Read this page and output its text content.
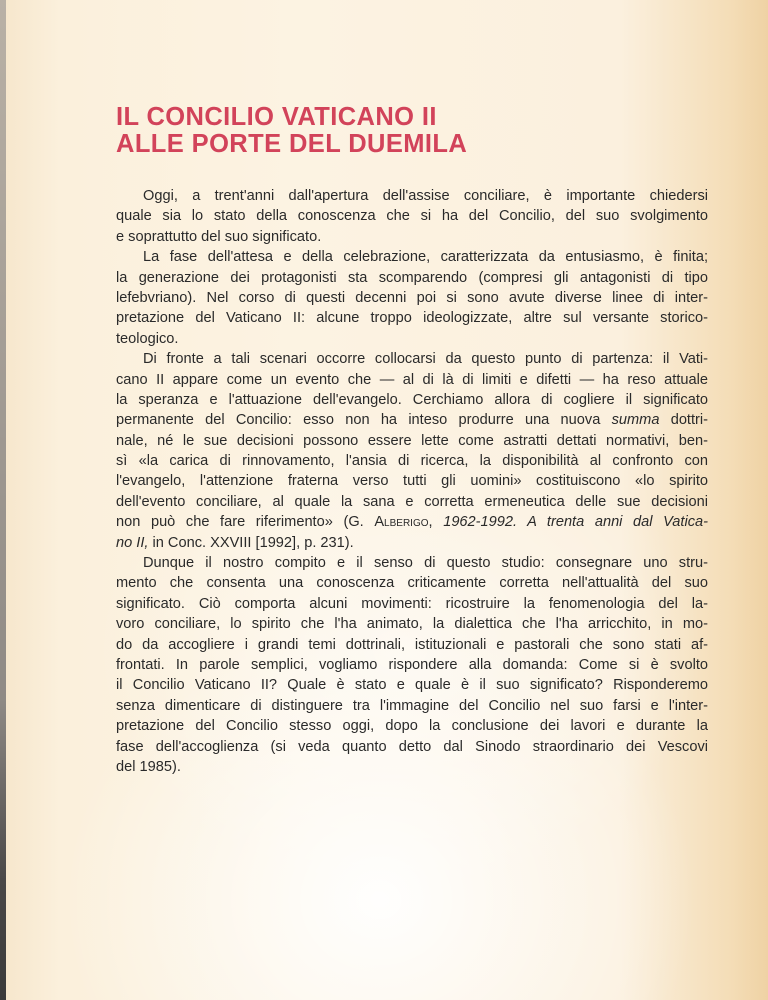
IL CONCILIO VATICANO II
ALLE PORTE DEL DUEMILA
Oggi, a trent'anni dall'apertura dell'assise conciliare, è importante chiedersi
quale sia lo stato della conoscenza che si ha del Concilio, del suo svolgimento
e soprattutto del suo significato.
La fase dell'attesa e della celebrazione, caratterizzata da entusiasmo, è finita;
la generazione dei protagonisti sta scomparendo (compresi gli antagonisti di tipo
lefebvriano). Nel corso di questi decenni poi si sono avute diverse linee di inter-
pretazione del Vaticano II: alcune troppo ideologizzate, altre sul versante storico-
teologico.
Di fronte a tali scenari occorre collocarsi da questo punto di partenza: il Vati-
cano II appare come un evento che — al di là di limiti e difetti — ha reso attuale
la speranza e l'attuazione dell'evangelo. Cerchiamo allora di cogliere il significato
permanente del Concilio: esso non ha inteso produrre una nuova summa dottri-
nale, né le sue decisioni possono essere lette come astratti dettati normativi, ben-
sì «la carica di rinnovamento, l'ansia di ricerca, la disponibilità al confronto con
l'evangelo, l'attenzione fraterna verso tutti gli uomini» costituiscono «lo spirito
dell'evento conciliare, al quale la sana e corretta ermeneutica delle sue decisioni
non può che fare riferimento» (G. Alberigo, 1962-1992. A trenta anni dal Vatica-
no II, in Conc. XXVIII [1992], p. 231).
Dunque il nostro compito e il senso di questo studio: consegnare uno stru-
mento che consenta una conoscenza criticamente corretta nell'attualità del suo
significato. Ciò comporta alcuni movimenti: ricostruire la fenomenologia del la-
voro conciliare, lo spirito che l'ha animato, la dialettica che l'ha arricchito, in mo-
do da accogliere i grandi temi dottrinali, istituzionali e pastorali che sono stati af-
frontati. In parole semplici, vogliamo rispondere alla domanda: Come si è svolto
il Concilio Vaticano II? Quale è stato e quale è il suo significato? Risponderemo
senza dimenticare di distinguere tra l'immagine del Concilio nel suo farsi e l'inter-
pretazione del Concilio stesso oggi, dopo la conclusione dei lavori e durante la
fase dell'accoglienza (si veda quanto detto dal Sinodo straordinario dei Vescovi
del 1985).
